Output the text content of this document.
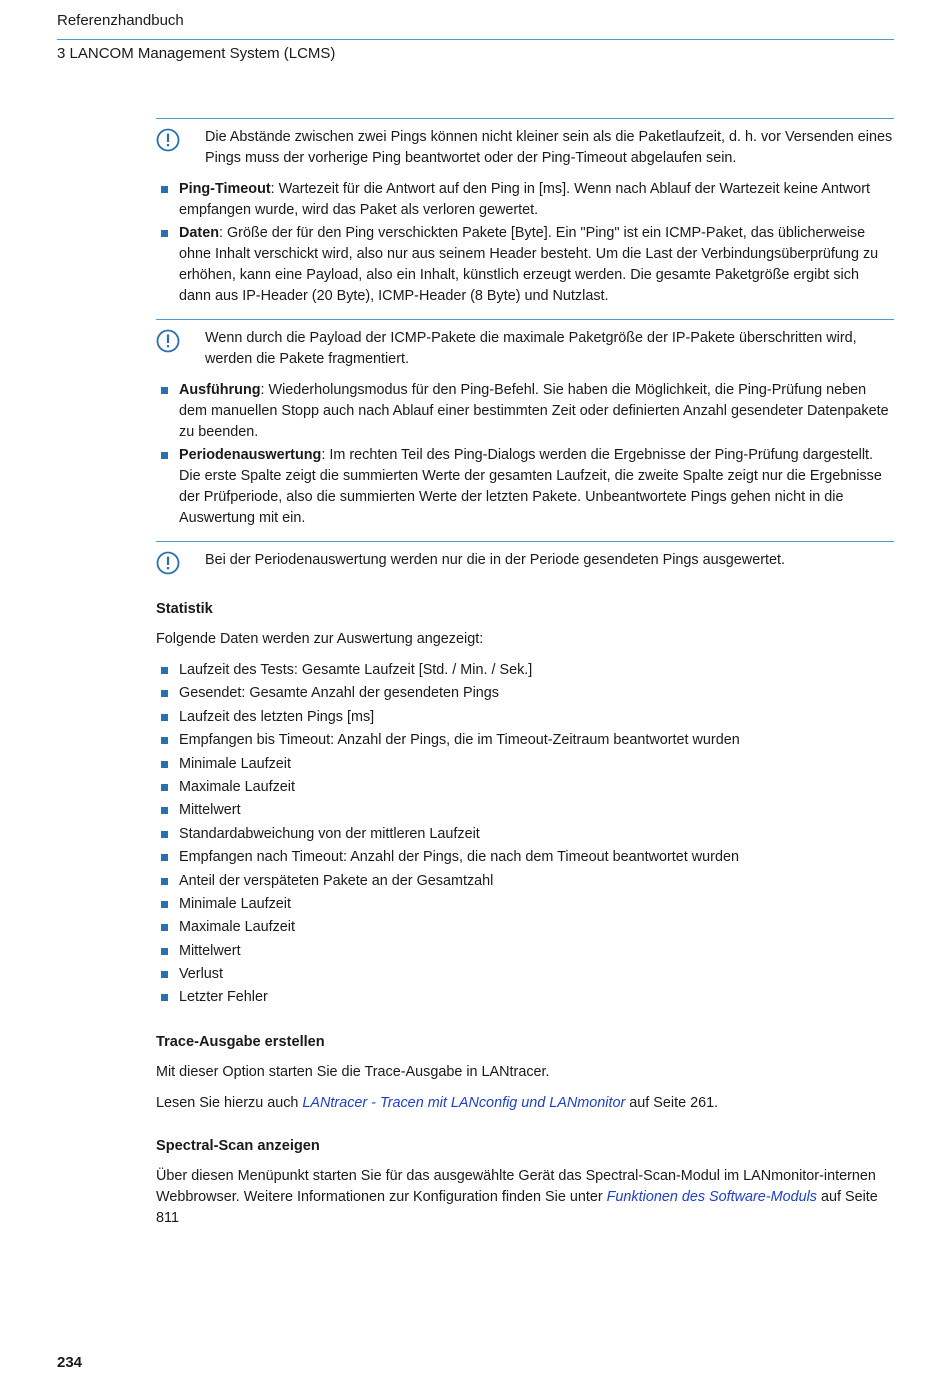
Referenzhandbuch
3 LANCOM Management System (LCMS)
Die Abstände zwischen zwei Pings können nicht kleiner sein als die Paketlaufzeit, d. h. vor Versenden eines Pings muss der vorherige Ping beantwortet oder der Ping-Timeout abgelaufen sein.
Ping-Timeout: Wartezeit für die Antwort auf den Ping in [ms]. Wenn nach Ablauf der Wartezeit keine Antwort empfangen wurde, wird das Paket als verloren gewertet.
Daten: Größe der für den Ping verschickten Pakete [Byte]. Ein "Ping" ist ein ICMP-Paket, das üblicherweise ohne Inhalt verschickt wird, also nur aus seinem Header besteht. Um die Last der Verbindungsüberprüfung zu erhöhen, kann eine Payload, also ein Inhalt, künstlich erzeugt werden. Die gesamte Paketgröße ergibt sich dann aus IP-Header (20 Byte), ICMP-Header (8 Byte) und Nutzlast.
Wenn durch die Payload der ICMP-Pakete die maximale Paketgröße der IP-Pakete überschritten wird, werden die Pakete fragmentiert.
Ausführung: Wiederholungsmodus für den Ping-Befehl. Sie haben die Möglichkeit, die Ping-Prüfung neben dem manuellen Stopp auch nach Ablauf einer bestimmten Zeit oder definierten Anzahl gesendeter Datenpakete zu beenden.
Periodenauswertung: Im rechten Teil des Ping-Dialogs werden die Ergebnisse der Ping-Prüfung dargestellt. Die erste Spalte zeigt die summierten Werte der gesamten Laufzeit, die zweite Spalte zeigt nur die Ergebnisse der Prüfperiode, also die summierten Werte der letzten Pakete. Unbeantwortete Pings gehen nicht in die Auswertung mit ein.
Bei der Periodenauswertung werden nur die in der Periode gesendeten Pings ausgewertet.
Statistik

Folgende Daten werden zur Auswertung angezeigt:

Laufzeit des Tests: Gesamte Laufzeit [Std. / Min. / Sek.]
Gesendet: Gesamte Anzahl der gesendeten Pings
Laufzeit des letzten Pings [ms]
Empfangen bis Timeout: Anzahl der Pings, die im Timeout-Zeitraum beantwortet wurden
Minimale Laufzeit
Maximale Laufzeit
Mittelwert
Standardabweichung von der mittleren Laufzeit
Empfangen nach Timeout: Anzahl der Pings, die nach dem Timeout beantwortet wurden
Anteil der verspäteten Pakete an der Gesamtzahl
Minimale Laufzeit
Maximale Laufzeit
Mittelwert
Verlust
Letzter Fehler
Trace-Ausgabe erstellen

Mit dieser Option starten Sie die Trace-Ausgabe in LANtracer.

Lesen Sie hierzu auch LANtracer - Tracen mit LANconfig und LANmonitor auf Seite 261.

Spectral-Scan anzeigen

Über diesen Menüpunkt starten Sie für das ausgewählte Gerät das Spectral-Scan-Modul im LANmonitor-internen Webbrowser. Weitere Informationen zur Konfiguration finden Sie unter Funktionen des Software-Moduls auf Seite 811

234
